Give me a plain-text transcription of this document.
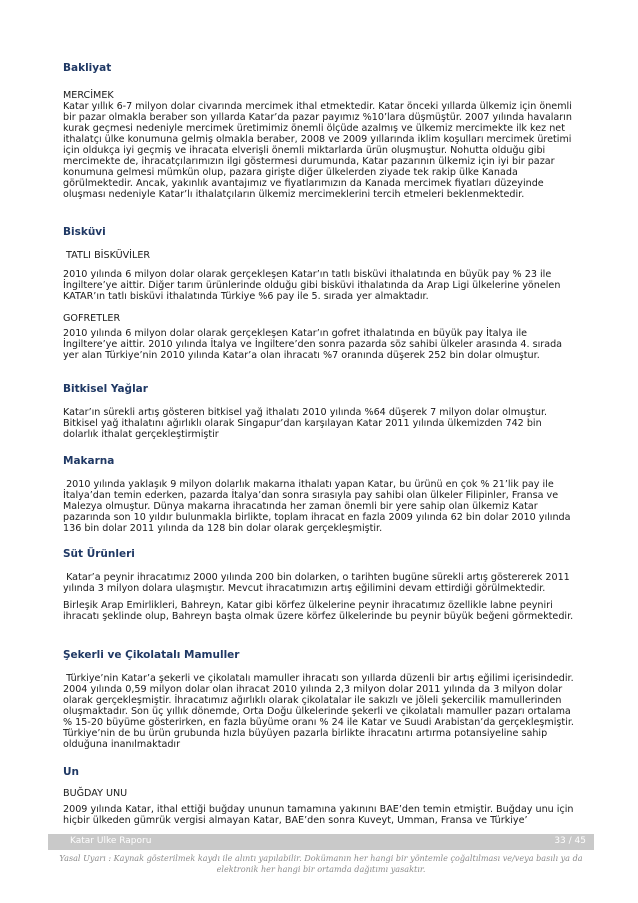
Bakliyat

MERCİMEK

Katar yıllık 6-7 milyon dolar civarında mercimek ithal etmektedir. Katar önceki yıllarda ülkemiz için önemli bir pazar olmakla beraber son yıllarda Katar’da pazar payımız %10’lara düşmüştür. 2007 yılında havaların kurak geçmesi nedeniyle mercimek üretimimiz önemli ölçüde azalmış ve ülkemiz mercimekte ilk kez net ithalatçı ülke konumuna gelmiş olmakla beraber, 2008 ve 2009 yıllarında iklim koşulları mercimek üretimi için oldukça iyi geçmiş ve ihracata elverişli önemli miktarlarda ürün oluşmuştur. Nohutta olduğu gibi mercimekte de, ihracatçılarımızın ilgi göstermesi durumunda, Katar pazarının ülkemiz için iyi bir pazar konumuna gelmesi mümkün olup, pazara girişte diğer ülkelerden ziyade tek rakip ülke Kanada görülmektedir. Ancak, yakınlık avantajımız ve fiyatlarımızın da Kanada mercimek fiyatları düzeyinde oluşması nedeniyle Katar’lı ithalatçıların ülkemiz mercimeklerini tercih etmeleri beklenmektedir.

Bisküvi

TATLI BİSKÜVİLER

2010 yılında 6 milyon dolar olarak gerçekleşen Katar’ın tatlı bisküvi ithalatında en büyük pay % 23 ile İngiltere’ye aittir. Diğer tarım ürünlerinde olduğu gibi bisküvi ithalatında da Arap Ligi ülkelerine yönelen KATAR’ın tatlı bisküvi ithalatında Türkiye %6 pay ile 5. sırada yer almaktadır.

GOFRETLER

2010 yılında 6 milyon dolar olarak gerçekleşen Katar’ın gofret ithalatında en büyük pay İtalya ile İngiltere’ye aittir. 2010 yılında İtalya ve İngiltere’den sonra pazarda söz sahibi ülkeler arasında 4. sırada yer alan Türkiye’nin 2010 yılında Katar’a olan ihracatı %7 oranında düşerek 252 bin dolar olmuştur.

Bitkisel Yağlar

Katar’ın sürekli artış gösteren bitkisel yağ ithalatı 2010 yılında %64 düşerek 7 milyon dolar olmuştur. Bitkisel yağ ithalatını ağırlıklı olarak Singapur’dan karşılayan Katar 2011 yılında ülkemizden 742 bin dolarlık ithalat gerçekleştirmiştir

Makarna

2010 yılında yaklaşık 9 milyon dolarlık makarna ithalatı yapan Katar, bu ürünü en çok % 21’lik pay ile İtalya’dan temin ederken, pazarda İtalya’dan sonra sırasıyla pay sahibi olan ülkeler Filipinler, Fransa ve Malezya olmuştur. Dünya makarna ihracatında her zaman önemli bir yere sahip olan ülkemiz Katar pazarında son 10 yıldır bulunmakla birlikte, toplam ihracat en fazla 2009 yılında 62 bin dolar 2010 yılında 136 bin dolar 2011 yılında da 128 bin dolar olarak gerçekleşmiştir.

Süt Ürünleri

Katar’a peynir ihracatımız 2000 yılında 200 bin dolarken, o tarihten bugüne sürekli artış göstererek 2011 yılında 3 milyon dolara ulaşmıştır. Mevcut ihracatımızın artış eğilimini devam ettirdiği görülmektedir.

Birleşik Arap Emirlikleri, Bahreyn, Katar gibi körfez ülkelerine peynir ihracatımız özellikle labne peyniri ihracatı şeklinde olup, Bahreyn başta olmak üzere körfez ülkelerinde bu peynir büyük beğeni görmektedir.

Şekerli ve Çikolatalı Mamuller

Türkiye’nin Katar’a şekerli ve çikolatalı mamuller ihracatı son yıllarda düzenli bir artış eğilimi içerisindedir. 2004 yılında 0,59 milyon dolar olan ihracat 2010 yılında 2,3 milyon dolar 2011 yılında da 3 milyon dolar olarak gerçekleşmiştir. İhracatımız ağırlıklı olarak çikolatalar ile sakızlı ve jöleli şekercilik mamullerinden oluşmaktadır. Son üç yıllık dönemde, Orta Doğu ülkelerinde şekerli ve çikolatalı mamuller pazarı ortalama % 15-20 büyüme gösterirken, en fazla büyüme oranı % 24 ile Katar ve Suudi Arabistan’da gerçekleşmiştir. Türkiye’nin de bu ürün grubunda hızla büyüyen pazarla birlikte ihracatını artırma potansiyeline sahip olduğuna inanılmaktadır

Un

BUĞDAY UNU

2009 yılında Katar, ithal ettiği buğday ununun tamamına yakınını BAE’den temin etmiştir. Buğday unu için hiçbir ülkeden gümrük vergisi almayan Katar, BAE’den sonra Kuveyt, Umman, Fransa ve Türkiye’

Katar Ulke Raporu	33 / 45
Yasal Uyarı : Kaynak gösterilmek kaydı ile alıntı yapılabilir. Dokümanın her hangi bir yöntemle çoğaltılması ve/veya basılı ya da elektronik her hangi bir ortamda dağıtımı yasaktır.
